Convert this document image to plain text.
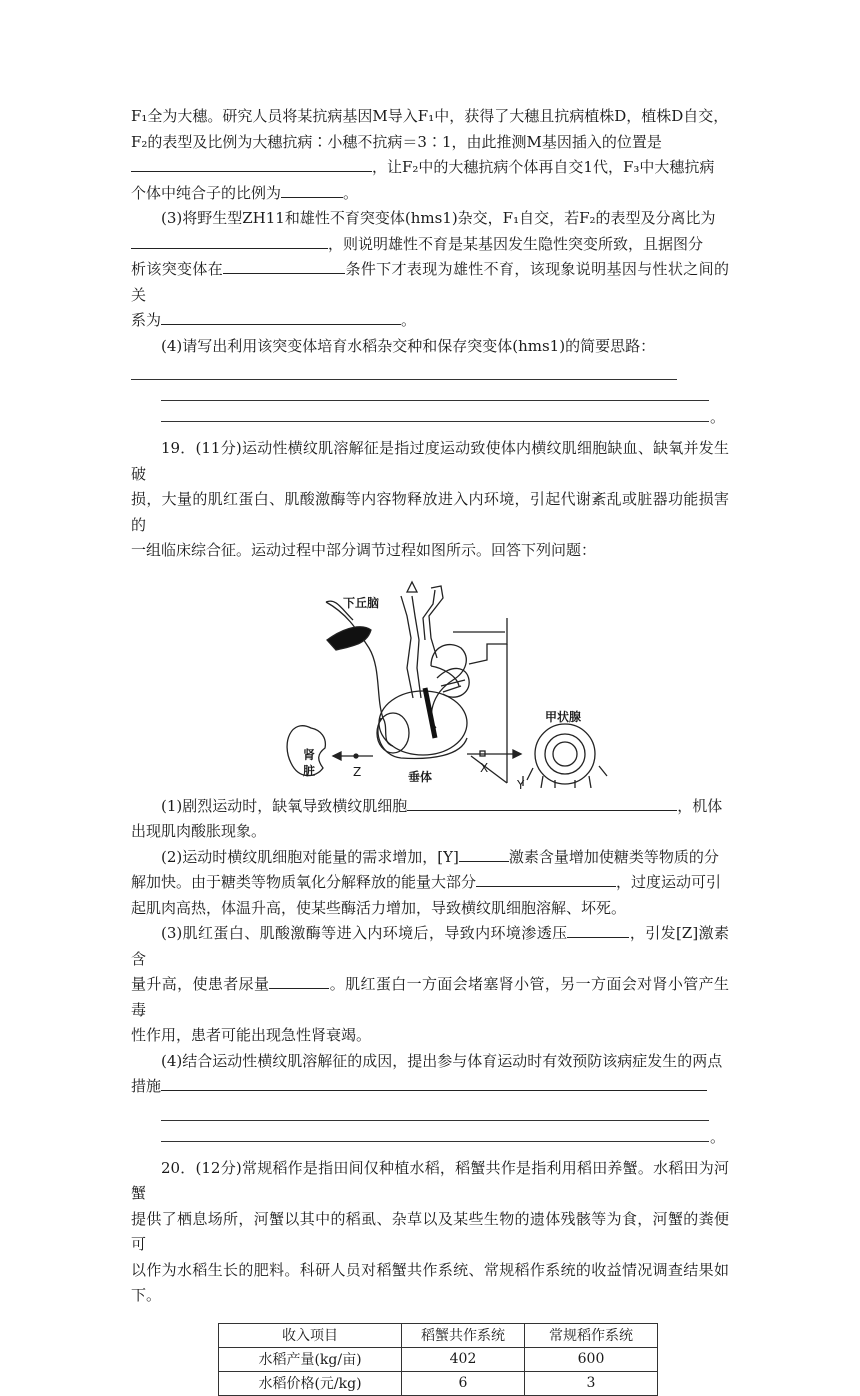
F₁全为大穗。研究人员将某抗病基因M导入F₁中，获得了大穗且抗病植株D，植株D自交，

F₂的表型及比例为大穗抗病∶小穗不抗病＝3∶1，由此推测M基因插入的位置是

，让F₂中的大穗抗病个体再自交1代，F₃中大穗抗病

个体中纯合子的比例为	。

(3)将野生型ZH11和雄性不育突变体(hms1)杂交，F₁自交，若F₂的表型及分离比为

，则说明雄性不育是某基因发生隐性突变所致，且据图分

析该突变体在	条件下才表现为雄性不育，该现象说明基因与性状之间的关

系为	。

(4)请写出利用该突变体培育水稻杂交种和保存突变体(hms1)的简要思路：

。

19．(11分)运动性横纹肌溶解征是指过度运动致使体内横纹肌细胞缺血、缺氧并发生破

损，大量的肌红蛋白、肌酸激酶等内容物释放进入内环境，引起代谢紊乱或脏器功能损害的

一组临床综合征。运动过程中部分调节过程如图所示。回答下列问题：

下丘脑
肾
脏	垂体
甲状腺
Z	X
Y

(1)剧烈运动时，缺氧导致横纹肌细胞	，机体

出现肌肉酸胀现象。

(2)运动时横纹肌细胞对能量的需求增加，[Y]	激素含量增加使糖类等物质的分

解加快。由于糖类等物质氧化分解释放的能量大部分	，过度运动可引

起肌肉高热，体温升高，使某些酶活力增加，导致横纹肌细胞溶解、坏死。

(3)肌红蛋白、肌酸激酶等进入内环境后，导致内环境渗透压	，引发[Z]激素含

量升高，使患者尿量	。肌红蛋白一方面会堵塞肾小管，另一方面会对肾小管产生毒

性作用，患者可能出现急性肾衰竭。

(4)结合运动性横纹肌溶解征的成因，提出参与体育运动时有效预防该病症发生的两点

措施

。

20．(12分)常规稻作是指田间仅种植水稻，稻蟹共作是指利用稻田养蟹。水稻田为河蟹

提供了栖息场所，河蟹以其中的稻虱、杂草以及某些生物的遗体残骸等为食，河蟹的粪便可

以作为水稻生长的肥料。科研人员对稻蟹共作系统、常规稻作系统的收益情况调查结果如下。

收入项目	稻蟹共作系统	常规稻作系统
水稻产量(kg/亩)	402	600
水稻价格(元/kg)	6	3
